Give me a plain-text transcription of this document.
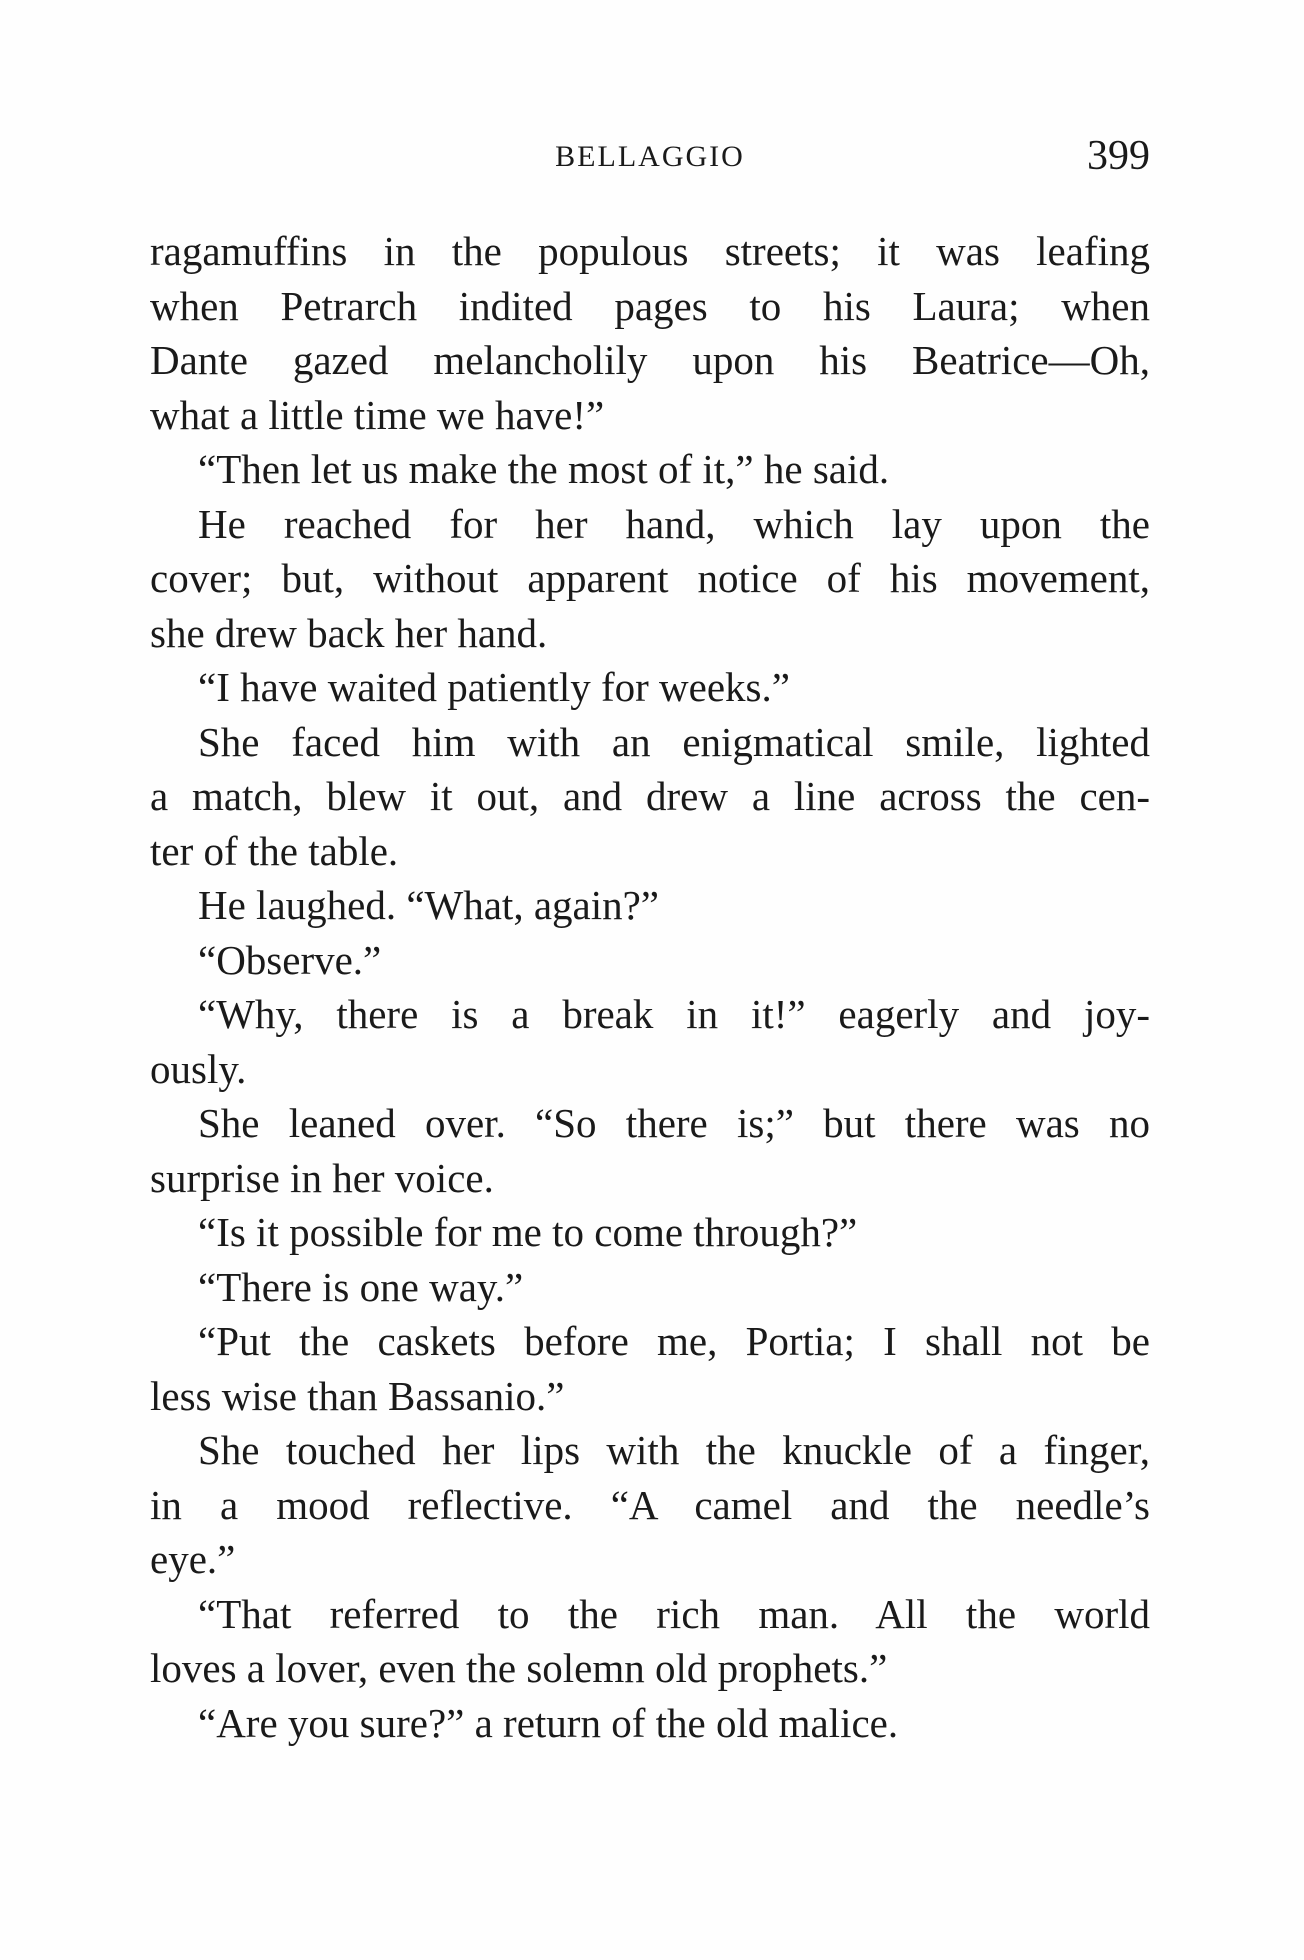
BELLAGGIO	399
ragamuffins in the populous streets; it was leafing
when Petrarch indited pages to his Laura; when
Dante gazed melancholily upon his Beatrice—Oh,
what a little time we have!”
“Then let us make the most of it,” he said.
He reached for her hand, which lay upon the
cover; but, without apparent notice of his movement,
she drew back her hand.
“I have waited patiently for weeks.”
She faced him with an enigmatical smile, lighted
a match, blew it out, and drew a line across the cen-
ter of the table.
He laughed. “What, again?”
“Observe.”
“Why, there is a break in it!” eagerly and joy-
ously.
She leaned over. “So there is;” but there was no
surprise in her voice.
“Is it possible for me to come through?”
“There is one way.”
“Put the caskets before me, Portia; I shall not be
less wise than Bassanio.”
She touched her lips with the knuckle of a finger,
in a mood reflective. “A camel and the needle’s
eye.”
“That referred to the rich man. All the world
loves a lover, even the solemn old prophets.”
“Are you sure?” a return of the old malice.
